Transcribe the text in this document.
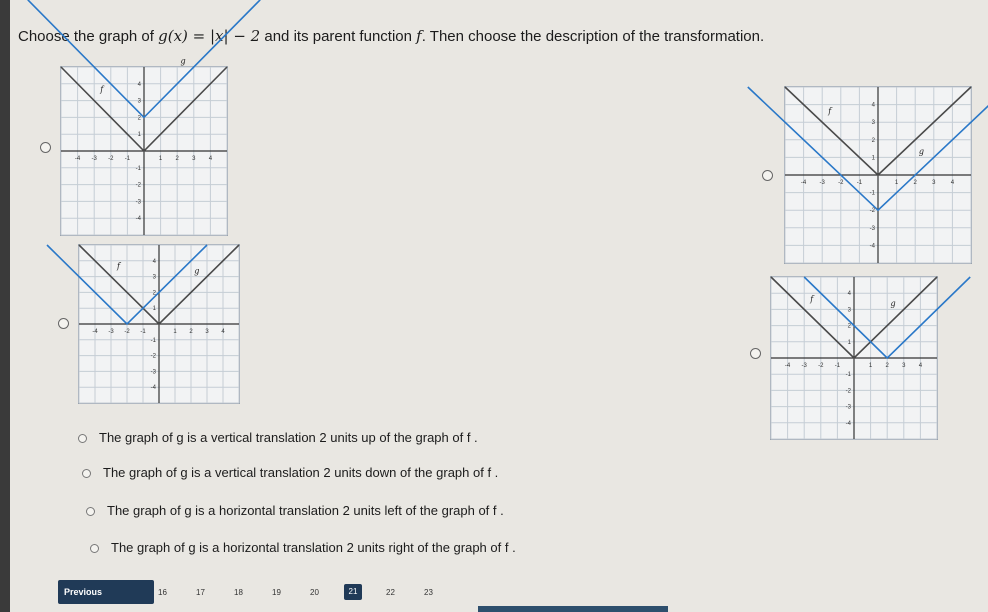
Choose the graph of g(x) = |x| − 2 and its parent function f. Then choose the description of the transformation.
-4
-4
-3
-3
-2
-2
-1
-1
1
1
2
2
3
3
4
4
f
g
-4
-4
-3
-3
-2
-2
-1
-1
1
1
2
2
3
3
4
4
f
g
-4
-4
-3
-3
-2
-2
-1
-1
1
1
2
2
3
3
4
4
f
g
-4
-4
-3
-3
-2
-2
-1
-1
1
1
2
2
3
3
4
4
f
g
The graph of g is a vertical translation 2 units up of the graph of f .
The graph of g is a vertical translation 2 units down of the graph of f .
The graph of g is a horizontal translation 2 units left of the graph of f .
The graph of g is a horizontal translation 2 units right of the graph of f .
Previous	16	17	18	19	20	21	22	23
